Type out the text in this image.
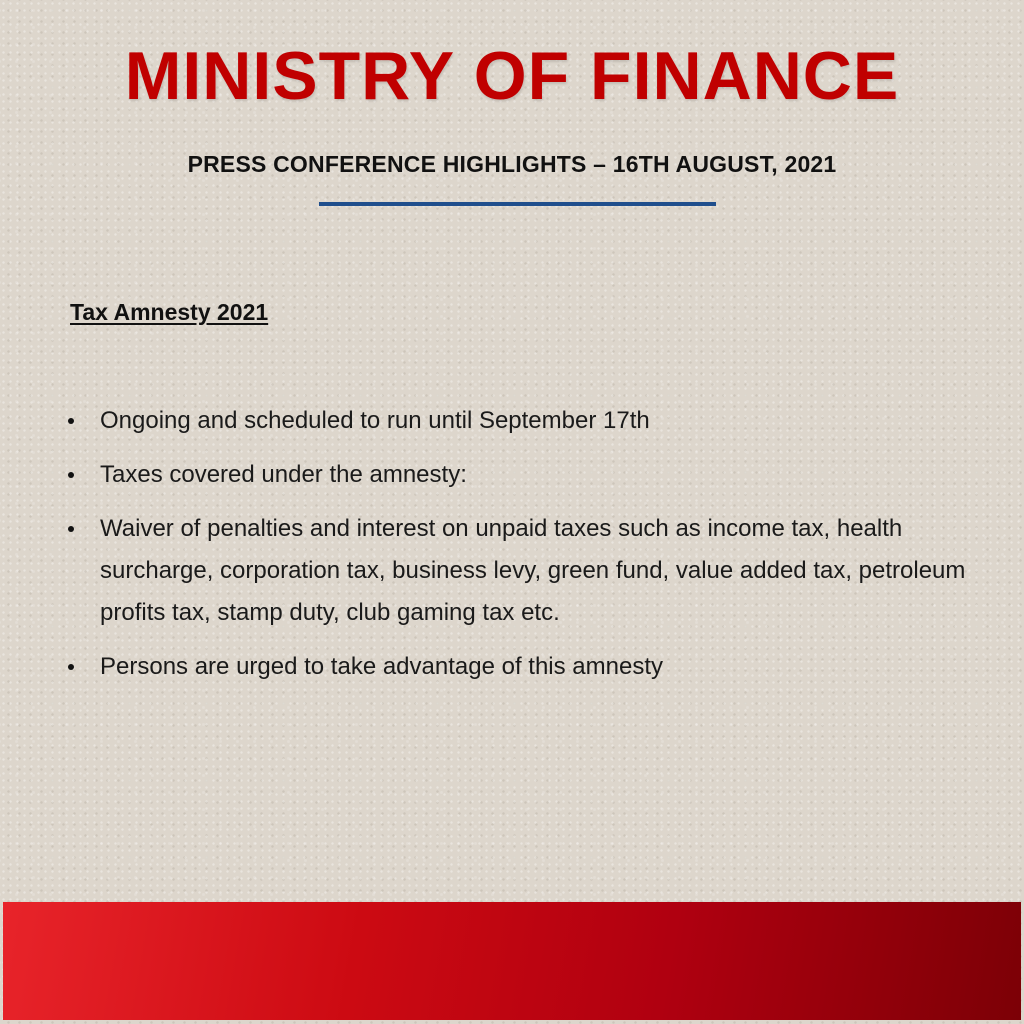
MINISTRY OF FINANCE
PRESS CONFERENCE HIGHLIGHTS – 16TH AUGUST, 2021
Tax Amnesty 2021
Ongoing and scheduled to run until September 17th
Taxes covered under the amnesty:
Waiver of penalties and interest on unpaid taxes such as income tax, health surcharge, corporation tax, business levy, green fund, value added tax, petroleum profits tax, stamp duty, club gaming tax etc.
Persons are urged to take advantage of this amnesty
